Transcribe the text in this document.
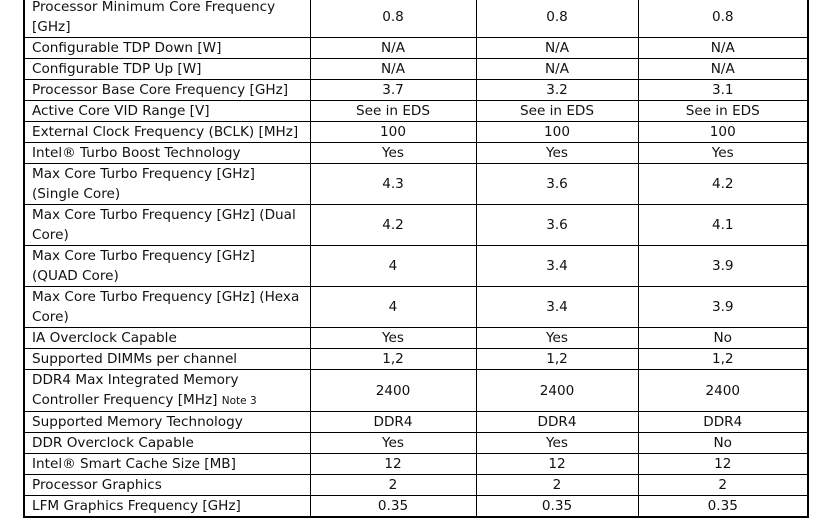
Processor Minimum Core Frequency [GHz]	0.8	0.8	0.8
Configurable TDP Down [W]	N/A	N/A	N/A
Configurable TDP Up [W]	N/A	N/A	N/A
Processor Base Core Frequency [GHz]	3.7	3.2	3.1
Active Core VID Range [V]	See in EDS	See in EDS	See in EDS
External Clock Frequency (BCLK) [MHz]	100	100	100
Intel® Turbo Boost Technology	Yes	Yes	Yes
Max Core Turbo Frequency [GHz] (Single Core)	4.3	3.6	4.2
Max Core Turbo Frequency [GHz] (Dual Core)	4.2	3.6	4.1
Max Core Turbo Frequency [GHz] (QUAD Core)	4	3.4	3.9
Max Core Turbo Frequency [GHz] (Hexa Core)	4	3.4	3.9
IA Overclock Capable	Yes	Yes	No
Supported DIMMs per channel	1,2	1,2	1,2
DDR4 Max Integrated Memory Controller Frequency [MHz] Note 3	2400	2400	2400
Supported Memory Technology	DDR4	DDR4	DDR4
DDR Overclock Capable	Yes	Yes	No
Intel® Smart Cache Size [MB]	12	12	12
Processor Graphics	2	2	2
LFM Graphics Frequency [GHz]	0.35	0.35	0.35
